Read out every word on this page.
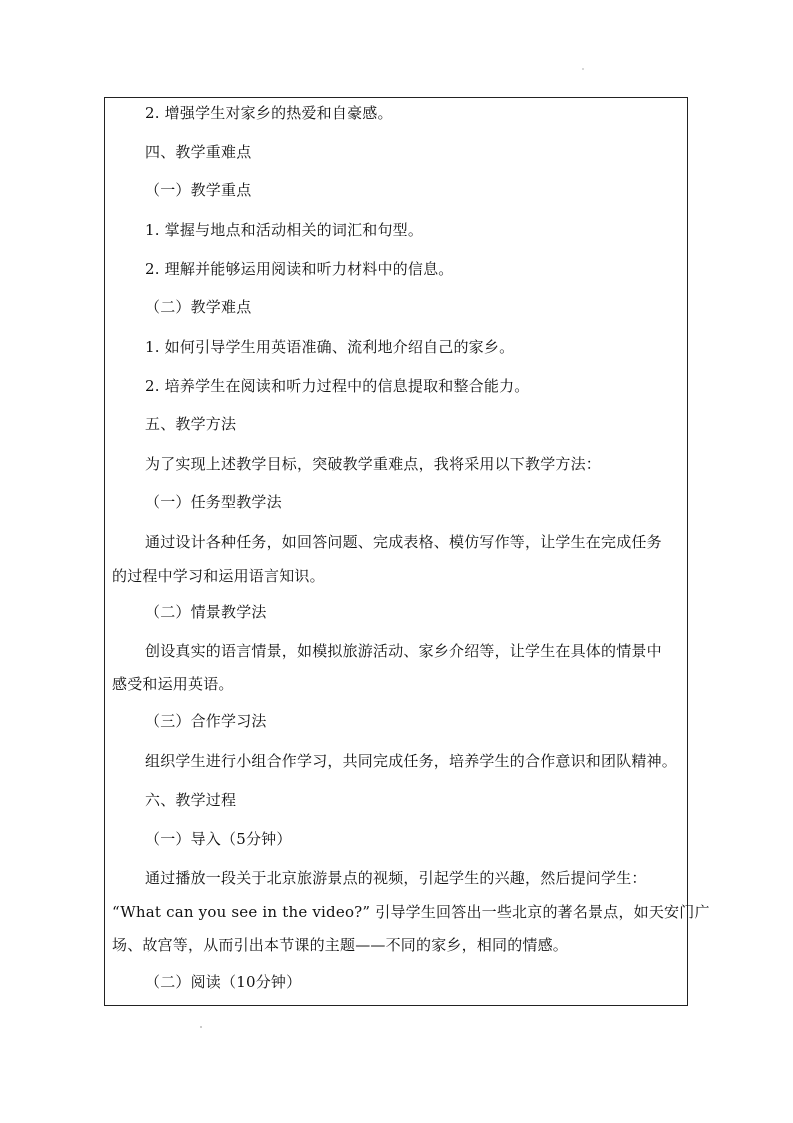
2. 增强学生对家乡的热爱和自豪感。
四、教学重难点
（一）教学重点
1. 掌握与地点和活动相关的词汇和句型。
2. 理解并能够运用阅读和听力材料中的信息。
（二）教学难点
1. 如何引导学生用英语准确、流利地介绍自己的家乡。
2. 培养学生在阅读和听力过程中的信息提取和整合能力。
五、教学方法
为了实现上述教学目标，突破教学重难点，我将采用以下教学方法：
（一）任务型教学法
通过设计各种任务，如回答问题、完成表格、模仿写作等，让学生在完成任务
的过程中学习和运用语言知识。
（二）情景教学法
创设真实的语言情景，如模拟旅游活动、家乡介绍等，让学生在具体的情景中
感受和运用英语。
（三）合作学习法
组织学生进行小组合作学习，共同完成任务，培养学生的合作意识和团队精神。
六、教学过程
（一）导入（5分钟）
通过播放一段关于北京旅游景点的视频，引起学生的兴趣，然后提问学生：
“What can you see in the video?” 引导学生回答出一些北京的著名景点，如天安门广
场、故宫等，从而引出本节课的主题——不同的家乡，相同的情感。
（二）阅读（10分钟）
